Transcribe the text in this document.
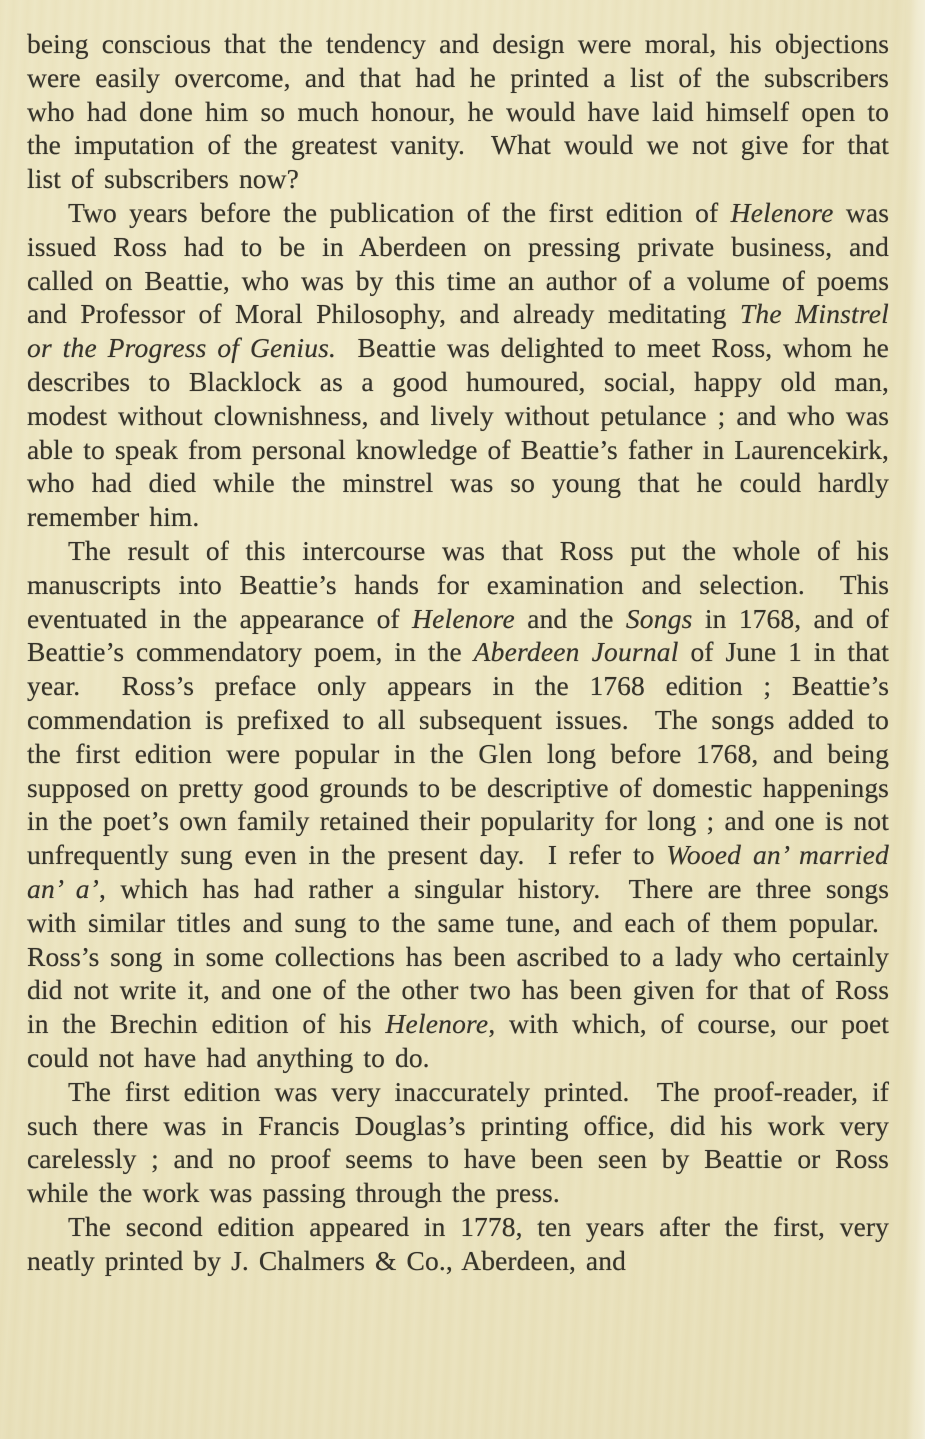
being conscious that the tendency and design were moral, his objections were easily overcome, and that had he printed a list of the subscribers who had done him so much honour, he would have laid himself open to the imputation of the greatest vanity.  What would we not give for that list of subscribers now?

Two years before the publication of the first edition of Helenore was issued Ross had to be in Aberdeen on pressing private business, and called on Beattie, who was by this time an author of a volume of poems and Professor of Moral Philosophy, and already meditating The Minstrel or the Progress of Genius.  Beattie was delighted to meet Ross, whom he describes to Blacklock as a good humoured, social, happy old man, modest without clownishness, and lively without petulance ; and who was able to speak from personal knowledge of Beattie’s father in Laurencekirk, who had died while the minstrel was so young that he could hardly remember him.

The result of this intercourse was that Ross put the whole of his manuscripts into Beattie’s hands for examination and selection.  This eventuated in the appearance of Helenore and the Songs in 1768, and of Beattie’s commendatory poem, in the Aberdeen Journal of June 1 in that year.  Ross’s preface only appears in the 1768 edition ; Beattie’s commendation is prefixed to all subsequent issues.  The songs added to the first edition were popular in the Glen long before 1768, and being supposed on pretty good grounds to be descriptive of domestic happenings in the poet’s own family retained their popularity for long ; and one is not unfrequently sung even in the present day.  I refer to Wooed an’ married an’ a’, which has had rather a singular history.  There are three songs with similar titles and sung to the same tune, and each of them popular.  Ross’s song in some collections has been ascribed to a lady who certainly did not write it, and one of the other two has been given for that of Ross in the Brechin edition of his Helenore, with which, of course, our poet could not have had anything to do.

The first edition was very inaccurately printed.  The proof-reader, if such there was in Francis Douglas’s printing office, did his work very carelessly ; and no proof seems to have been seen by Beattie or Ross while the work was passing through the press.

The second edition appeared in 1778, ten years after the first, very neatly printed by J. Chalmers & Co., Aberdeen, and
